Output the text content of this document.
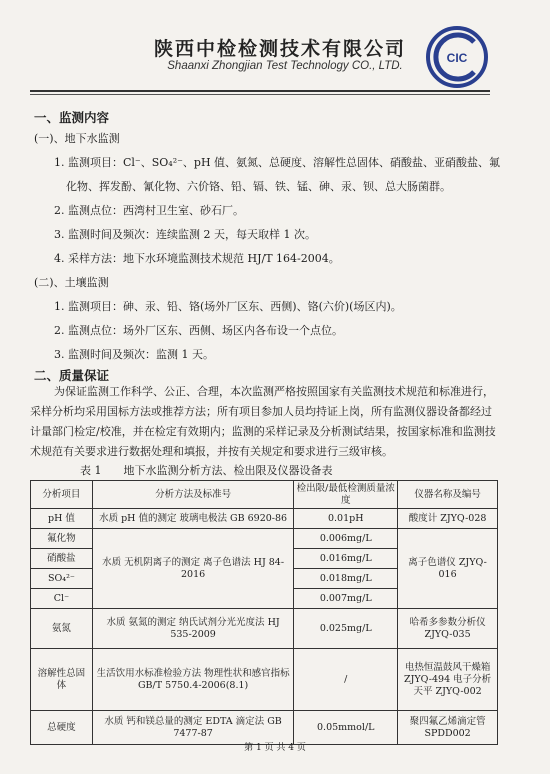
陕西中检检测技术有限公司
Shaanxi Zhongjian Test Technology CO., LTD.
CIC
一、监测内容
(一)、地下水监测
1. 监测项目：Cl⁻、SO₄²⁻、pH 值、氨氮、总硬度、溶解性总固体、硝酸盐、亚硝酸盐、氟
化物、挥发酚、氰化物、六价铬、铅、镉、铁、锰、砷、汞、钡、总大肠菌群。
2. 监测点位：西湾村卫生室、砂石厂。
3. 监测时间及频次：连续监测 2 天，每天取样 1 次。
4. 采样方法：地下水环境监测技术规范 HJ/T 164-2004。
(二)、土壤监测
1. 监测项目：砷、汞、铅、铬(场外厂区东、西侧)、铬(六价)(场区内)。
2. 监测点位：场外厂区东、西侧、场区内各布设一个点位。
3. 监测时间及频次：监测 1 天。
二、质量保证
为保证监测工作科学、公正、合理，本次监测严格按照国家有关监测技术规范和标准进行，采样分析均采用国标方法或推荐方法；所有项目参加人员均持证上岗，所有监测仪器设备都经过计量部门检定/校准，并在检定有效期内；监测的采样记录及分析测试结果，按国家标准和监测技术规范有关要求进行数据处理和填报，并按有关规定和要求进行三级审核。
表 1　　地下水监测分析方法、检出限及仪器设备表
分析项目	分析方法及标准号	检出限/最低检测质量浓度	仪器名称及编号
pH 值	水质 pH 值的测定 玻璃电极法 GB 6920-86	0.01pH	酸度计 ZJYQ-028
氟化物	水质 无机阴离子的测定 离子色谱法 HJ 84-2016	0.006mg/L	离子色谱仪 ZJYQ-016
硝酸盐		0.016mg/L	
SO₄²⁻		0.018mg/L	
Cl⁻		0.007mg/L	
氨氮	水质 氨氮的测定 纳氏试剂分光光度法 HJ 535-2009	0.025mg/L	哈希多参数分析仪 ZJYQ-035
溶解性总固体	生活饮用水标准检验方法 物理性状和感官指标 GB/T 5750.4-2006(8.1)	/	电热恒温鼓风干燥箱 ZJYQ-494 电子分析天平 ZJYQ-002
总硬度	水质 钙和镁总量的测定 EDTA 滴定法 GB 7477-87	0.05mmol/L	聚四氟乙烯滴定管 SPDD002
第 1 页 共 4 页
